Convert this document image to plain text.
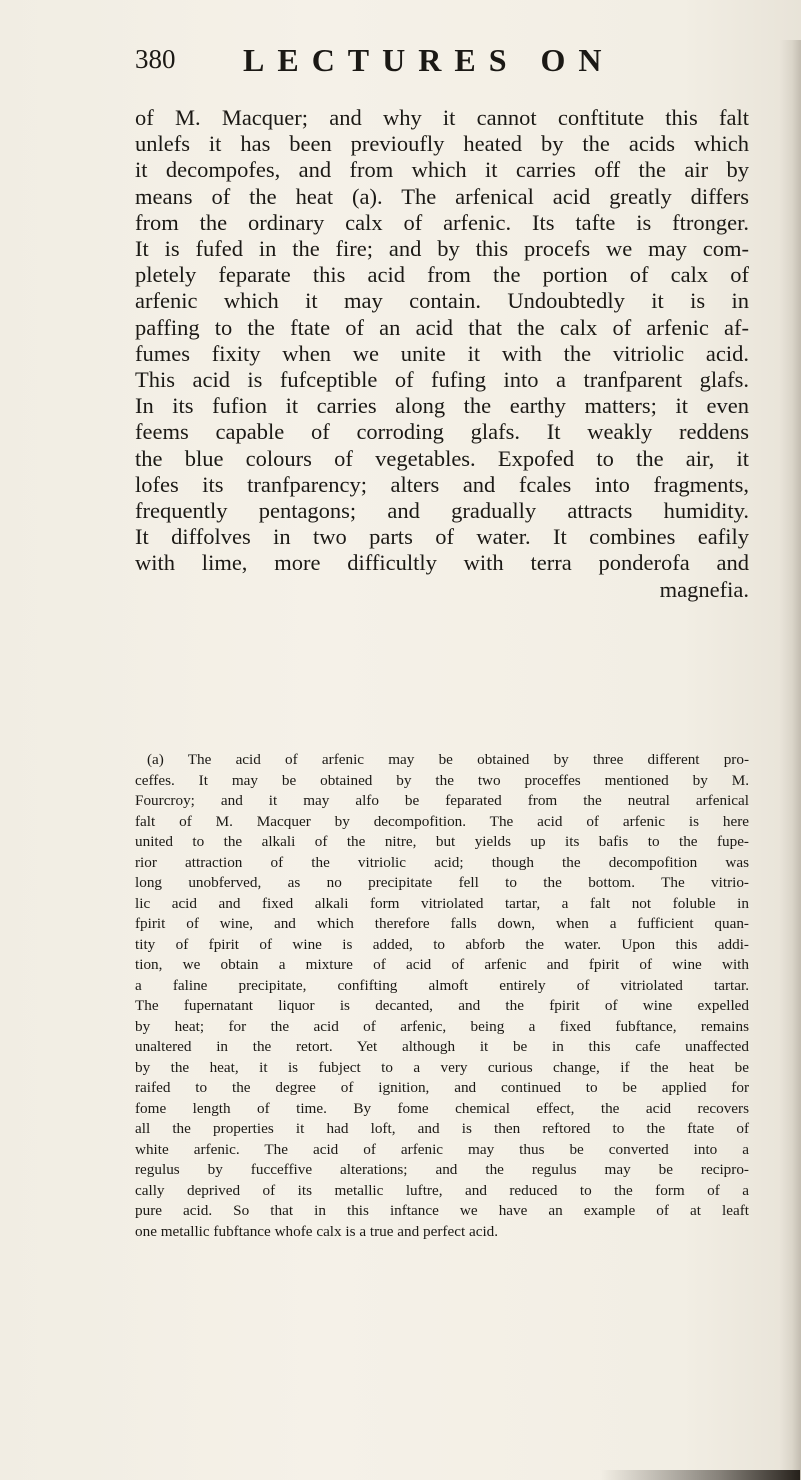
380 LECTURES ON
of M. Macquer; and why it cannot conftitute this falt
unlefs it has been previoufly heated by the acids which
it decompofes, and from which it carries off the air by
means of the heat (a). The arfenical acid greatly differs
from the ordinary calx of arfenic. Its tafte is ftronger.
It is fufed in the fire; and by this procefs we may com-
pletely feparate this acid from the portion of calx of
arfenic which it may contain. Undoubtedly it is in
paffing to the ftate of an acid that the calx of arfenic af-
fumes fixity when we unite it with the vitriolic acid.
This acid is fufceptible of fufing into a tranfparent glafs.
In its fufion it carries along the earthy matters; it even
feems capable of corroding glafs. It weakly reddens
the blue colours of vegetables. Expofed to the air, it
lofes its tranfparency; alters and fcales into fragments,
frequently pentagons; and gradually attracts humidity.
It diffolves in two parts of water. It combines eafily
with lime, more difficultly with terra ponderofa and
magnefia.
(a) The acid of arfenic may be obtained by three different pro-
ceffes. It may be obtained by the two proceffes mentioned by M.
Fourcroy; and it may alfo be feparated from the neutral arfenical
falt of M. Macquer by decompofition. The acid of arfenic is here
united to the alkali of the nitre, but yields up its bafis to the fupe-
rior attraction of the vitriolic acid; though the decompofition was
long unobferved, as no precipitate fell to the bottom. The vitrio-
lic acid and fixed alkali form vitriolated tartar, a falt not foluble in
fpirit of wine, and which therefore falls down, when a fufficient quan-
tity of fpirit of wine is added, to abforb the water. Upon this addi-
tion, we obtain a mixture of acid of arfenic and fpirit of wine with
a faline precipitate, confifting almoft entirely of vitriolated tartar.
The fupernatant liquor is decanted, and the fpirit of wine expelled
by heat; for the acid of arfenic, being a fixed fubftance, remains
unaltered in the retort. Yet although it be in this cafe unaffected
by the heat, it is fubject to a very curious change, if the heat be
raifed to the degree of ignition, and continued to be applied for
fome length of time. By fome chemical effect, the acid recovers
all the properties it had loft, and is then reftored to the ftate of
white arfenic. The acid of arfenic may thus be converted into a
regulus by fucceffive alterations; and the regulus may be recipro-
cally deprived of its metallic luftre, and reduced to the form of a
pure acid. So that in this inftance we have an example of at leaft
one metallic fubftance whofe calx is a true and perfect acid.
